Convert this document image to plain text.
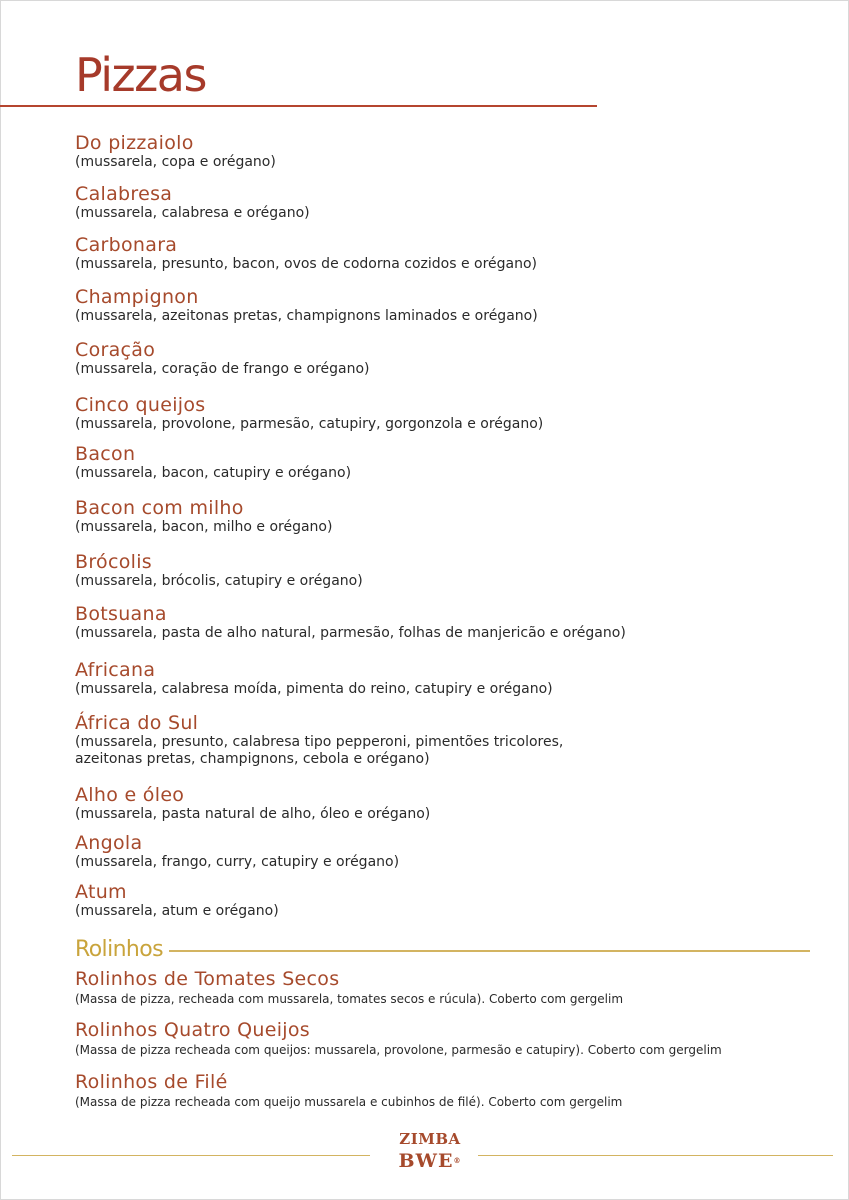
Pizzas
Do pizzaiolo
(mussarela, copa e orégano)
Calabresa
(mussarela, calabresa e orégano)
Carbonara
(mussarela, presunto, bacon, ovos de codorna cozidos e orégano)
Champignon
(mussarela, azeitonas pretas, champignons laminados e orégano)
Coração
(mussarela, coração de frango e orégano)
Cinco queijos
(mussarela, provolone, parmesão, catupiry, gorgonzola e orégano)
Bacon
(mussarela, bacon, catupiry e orégano)
Bacon com milho
(mussarela, bacon, milho e orégano)
Brócolis
(mussarela, brócolis, catupiry e orégano)
Botsuana
(mussarela, pasta de alho natural, parmesão, folhas de manjericão e orégano)
Africana
(mussarela, calabresa moída, pimenta do reino, catupiry e orégano)
África do Sul
(mussarela, presunto, calabresa tipo pepperoni, pimentões tricolores,
azeitonas pretas, champignons, cebola e orégano)
Alho e óleo
(mussarela, pasta natural de alho, óleo e orégano)
Angola
(mussarela, frango, curry, catupiry e orégano)
Atum
(mussarela, atum e orégano)
Rolinhos
Rolinhos de Tomates Secos
(Massa de pizza, recheada com mussarela, tomates secos e rúcula). Coberto com gergelim
Rolinhos Quatro Queijos
(Massa de pizza recheada com queijos: mussarela, provolone, parmesão e catupiry). Coberto com gergelim
Rolinhos de Filé
(Massa de pizza recheada com queijo mussarela e cubinhos de filé). Coberto com gergelim
ZIMBA
BWE®
